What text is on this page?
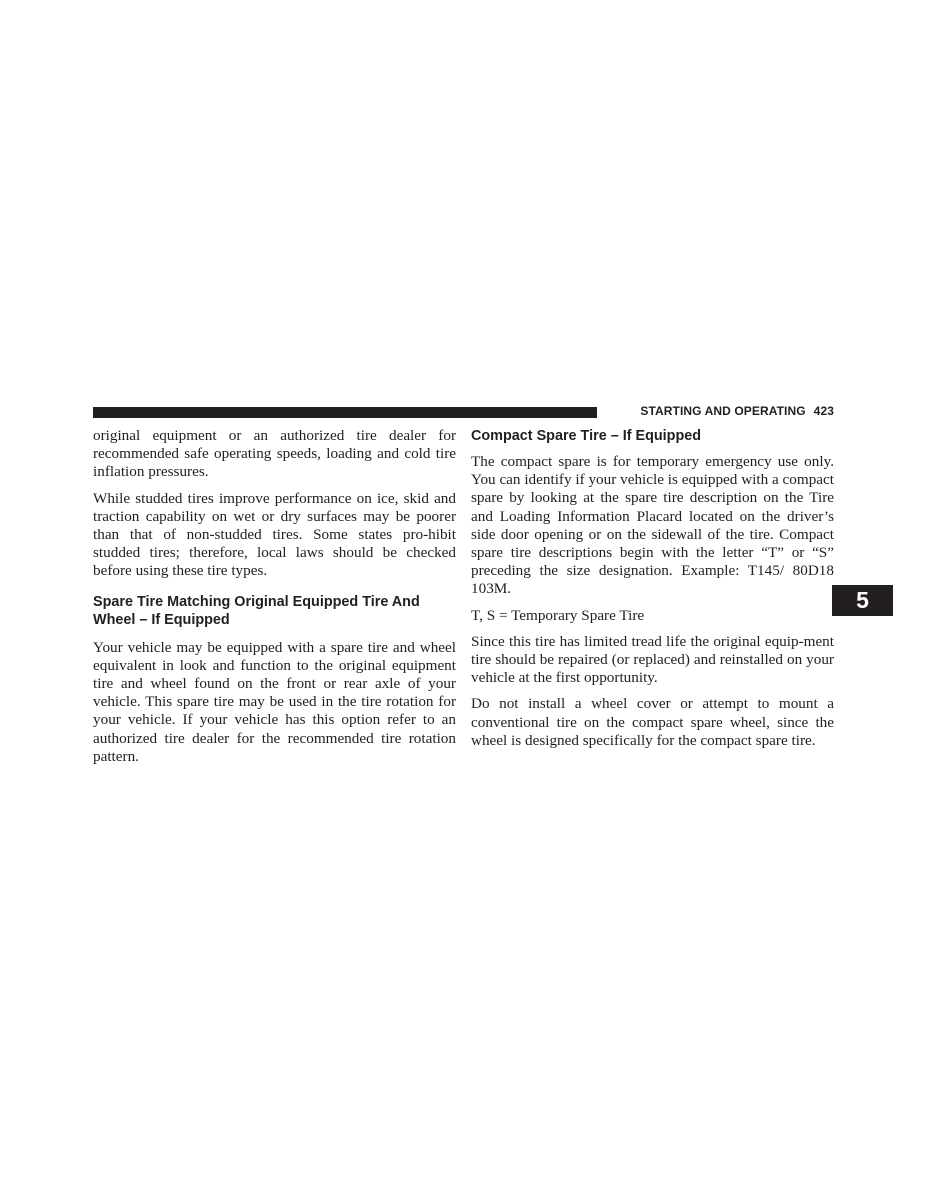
STARTING AND OPERATING 423
5

original equipment or an authorized tire dealer for recommended safe operating speeds, loading and cold tire inflation pressures.

While studded tires improve performance on ice, skid and traction capability on wet or dry surfaces may be poorer than that of non-studded tires. Some states pro-hibit studded tires; therefore, local laws should be checked before using these tire types.

Spare Tire Matching Original Equipped Tire And Wheel – If Equipped

Your vehicle may be equipped with a spare tire and wheel equivalent in look and function to the original equipment tire and wheel found on the front or rear axle of your vehicle. This spare tire may be used in the tire rotation for your vehicle. If your vehicle has this option refer to an authorized tire dealer for the recommended tire rotation pattern.

Compact Spare Tire – If Equipped

The compact spare is for temporary emergency use only. You can identify if your vehicle is equipped with a compact spare by looking at the spare tire description on the Tire and Loading Information Placard located on the driver’s side door opening or on the sidewall of the tire. Compact spare tire descriptions begin with the letter “T” or “S” preceding the size designation. Example: T145/ 80D18 103M.

T, S = Temporary Spare Tire

Since this tire has limited tread life the original equip-ment tire should be repaired (or replaced) and reinstalled on your vehicle at the first opportunity.

Do not install a wheel cover or attempt to mount a conventional tire on the compact spare wheel, since the wheel is designed specifically for the compact spare tire.
